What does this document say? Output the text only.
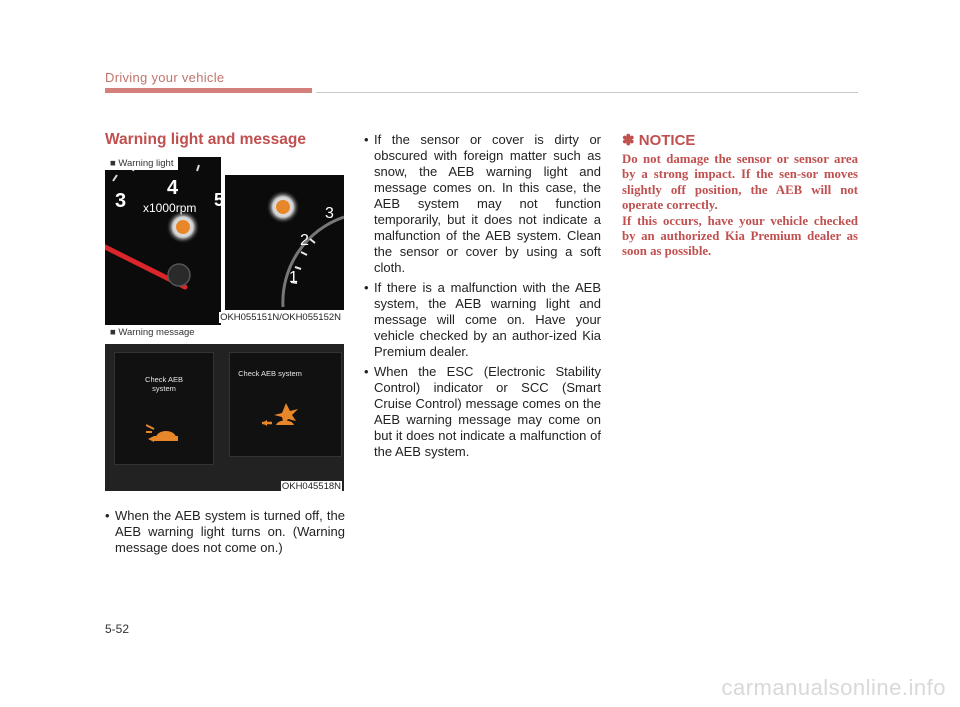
Driving your vehicle
Warning light and message
3
4
5
x1000rpm	3
2
1
■ Warning light
OKH055151N/OKH055152N
■ Warning message
Check AEB system
Check AEB system
OKH045518N
• When the AEB system is turned off, the AEB warning light turns on. (Warning message does not come on.)
• If the sensor or cover is dirty or obscured with foreign matter such as snow, the AEB warning light and message comes on. In this case, the AEB system may not function temporarily, but it does not indicate a malfunction of the AEB system. Clean the sensor or cover by using a soft cloth.
• If there is a malfunction with the AEB system, the AEB warning light and message will come on. Have your vehicle checked by an author-ized Kia Premium dealer.
• When the ESC (Electronic Stability Control) indicator or SCC (Smart Cruise Control) message comes on the AEB warning message may come on but it does not indicate a malfunction of the AEB system.
✽ NOTICE

Do not damage the sensor or sensor area by a strong impact. If the sen-sor moves slightly off position, the AEB will not operate correctly.

If this occurs, have your vehicle checked by an authorized Kia Premium dealer as soon as possible.

5-52
carmanualsonline.info
